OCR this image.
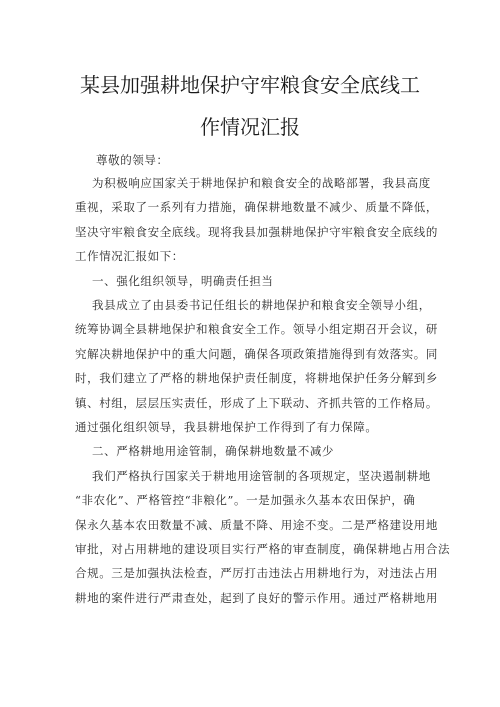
某县加强耕地保护守牢粮食安全底线工
作情况汇报
尊敬的领导：
为积极响应国家关于耕地保护和粮食安全的战略部署，我县高度
重视，采取了一系列有力措施，确保耕地数量不减少、质量不降低，
坚决守牢粮食安全底线。现将我县加强耕地保护守牢粮食安全底线的
工作情况汇报如下：
一、强化组织领导，明确责任担当
我县成立了由县委书记任组长的耕地保护和粮食安全领导小组，
统筹协调全县耕地保护和粮食安全工作。领导小组定期召开会议，研
究解决耕地保护中的重大问题，确保各项政策措施得到有效落实。同
时，我们建立了严格的耕地保护责任制度，将耕地保护任务分解到乡
镇、村组，层层压实责任，形成了上下联动、齐抓共管的工作格局。
通过强化组织领导，我县耕地保护工作得到了有力保障。
二、严格耕地用途管制，确保耕地数量不减少
我们严格执行国家关于耕地用途管制的各项规定，坚决遏制耕地
“非农化”、严格管控“非粮化”。一是加强永久基本农田保护，确
保永久基本农田数量不减、质量不降、用途不变。二是严格建设用地
审批，对占用耕地的建设项目实行严格的审查制度，确保耕地占用合法
合规。三是加强执法检查，严厉打击违法占用耕地行为，对违法占用
耕地的案件进行严肃查处，起到了良好的警示作用。通过严格耕地用
